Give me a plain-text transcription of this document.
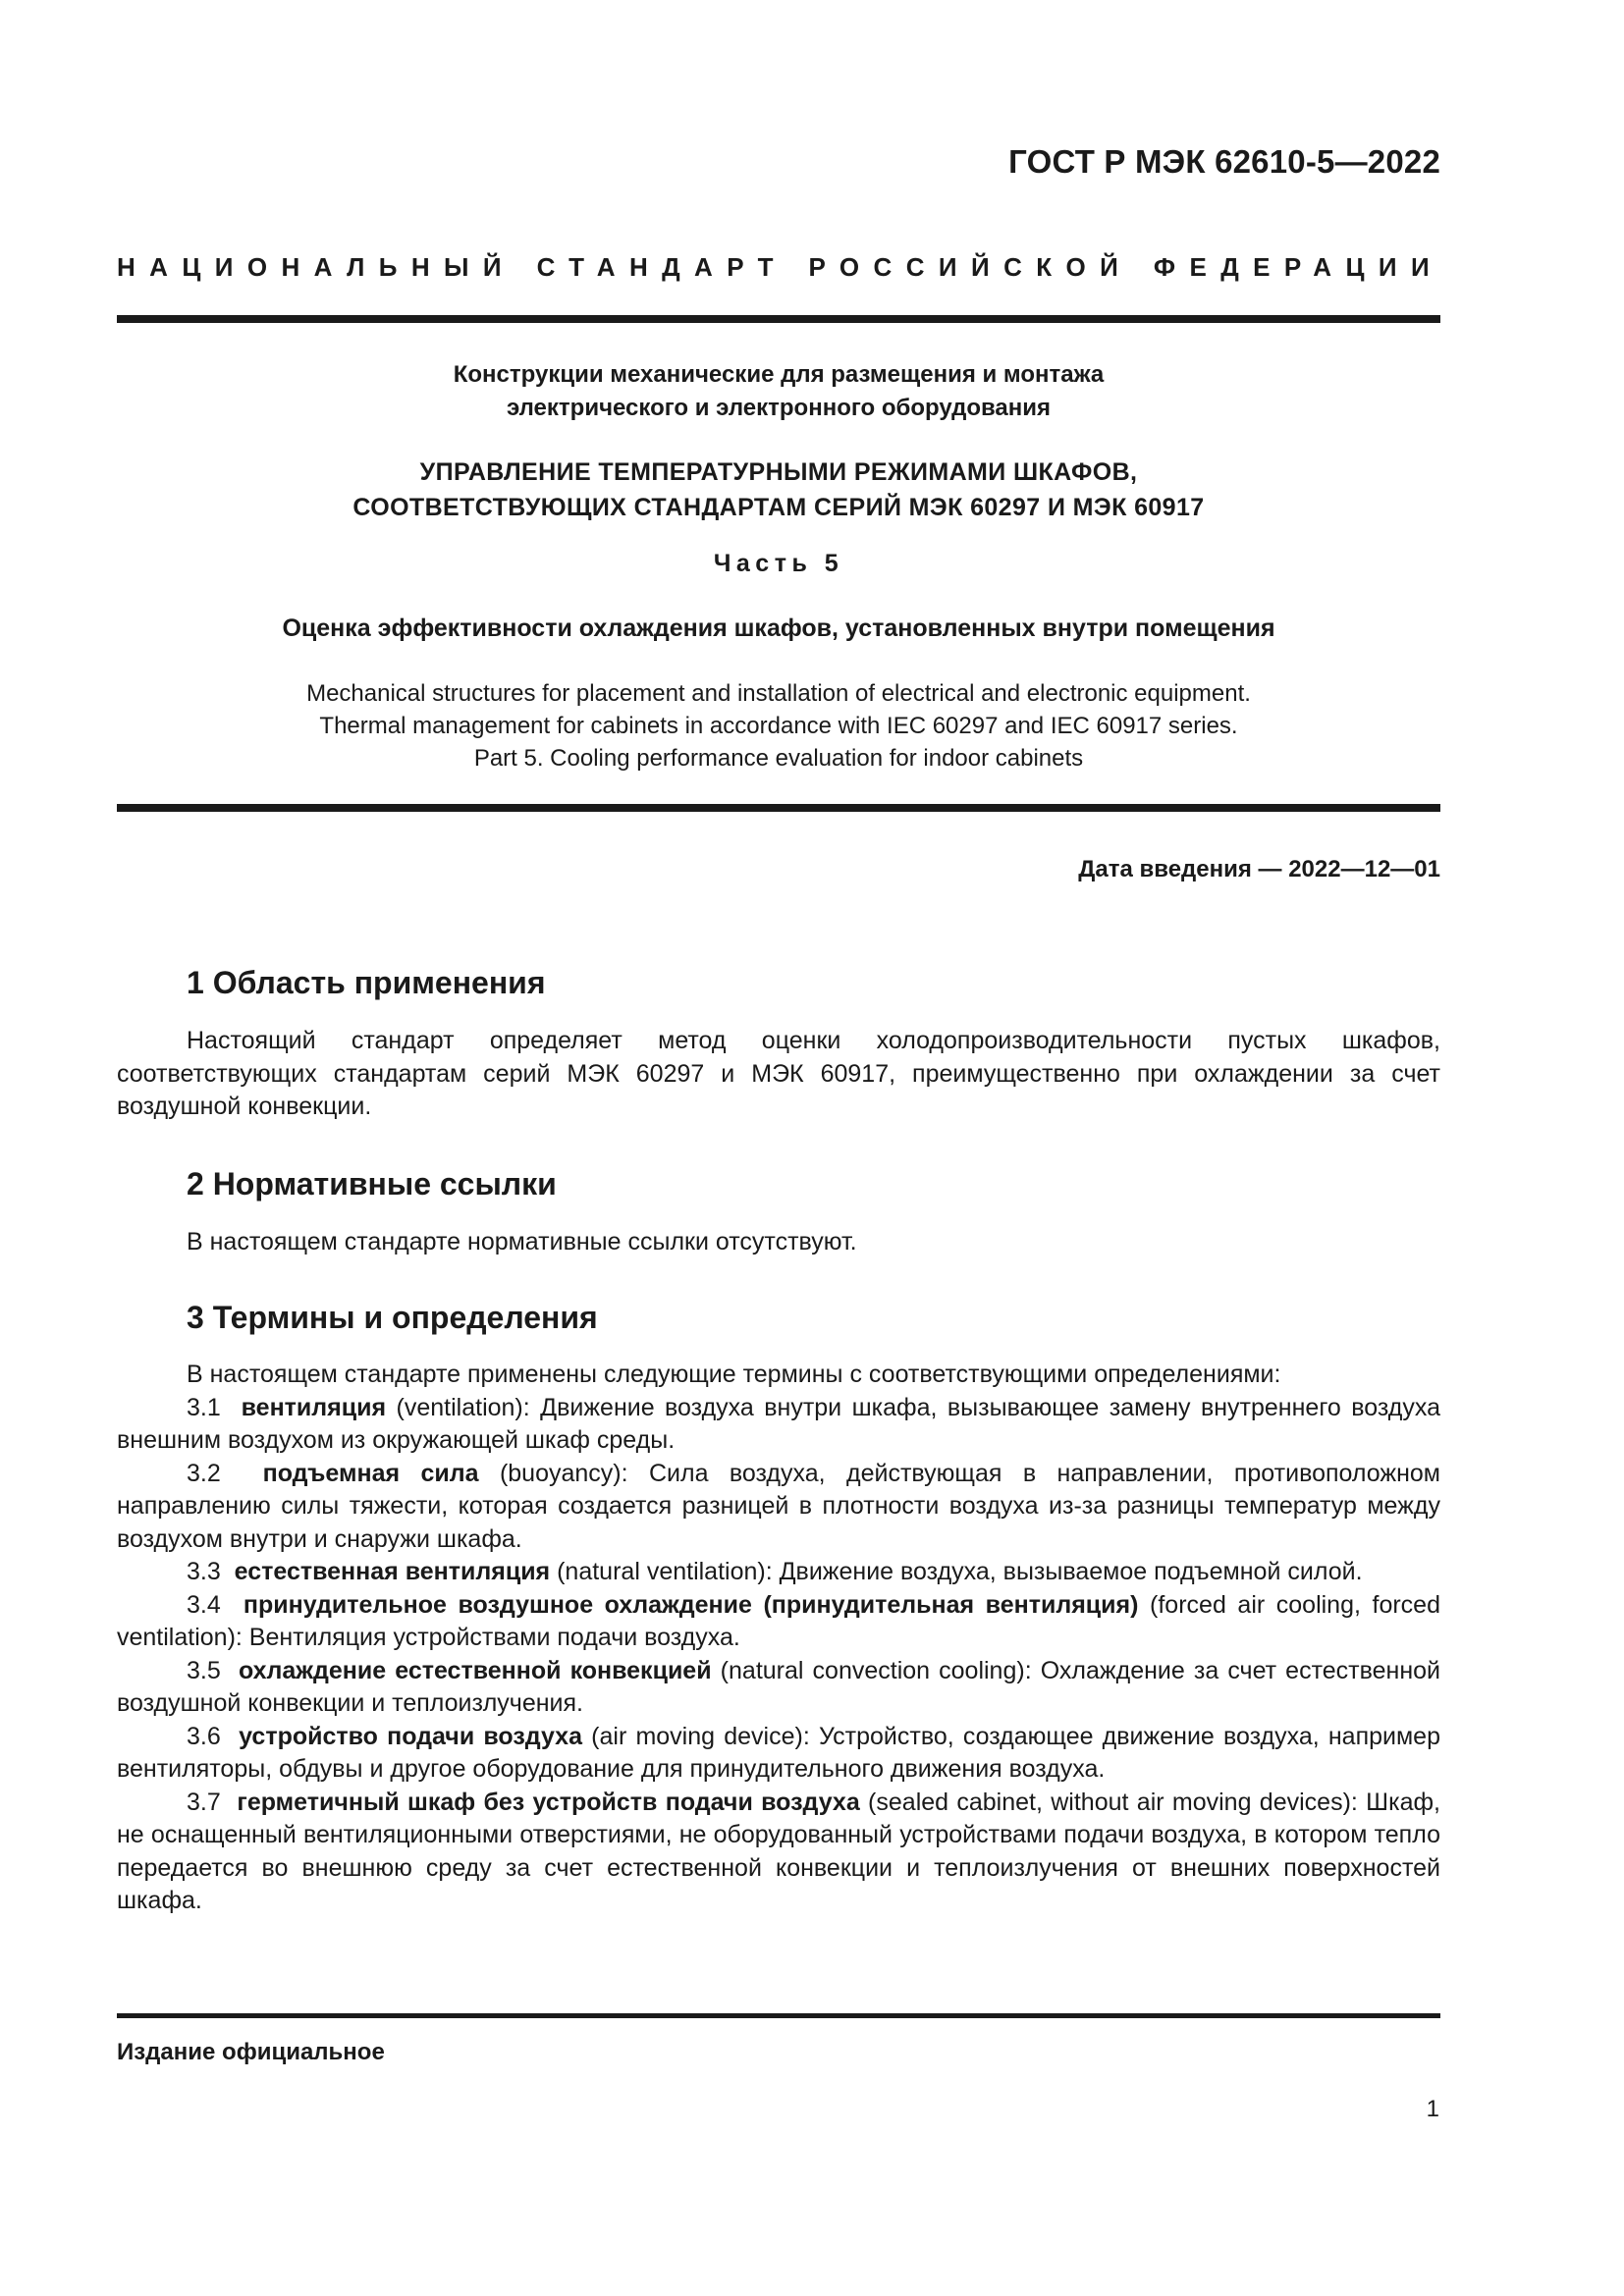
ГОСТ Р МЭК 62610-5—2022
НАЦИОНАЛЬНЫЙ СТАНДАРТ РОССИЙСКОЙ ФЕДЕРАЦИИ
Конструкции механические для размещения и монтажа
электрического и электронного оборудования
УПРАВЛЕНИЕ ТЕМПЕРАТУРНЫМИ РЕЖИМАМИ ШКАФОВ,
СООТВЕТСТВУЮЩИХ СТАНДАРТАМ СЕРИЙ МЭК 60297 И МЭК 60917
Часть 5
Оценка эффективности охлаждения шкафов, установленных внутри помещения
Mechanical structures for placement and installation of electrical and electronic equipment.
Thermal management for cabinets in accordance with IEC 60297 and IEC 60917 series.
Part 5. Cooling performance evaluation for indoor cabinets
Дата введения — 2022—12—01
1 Область применения

Настоящий стандарт определяет метод оценки холодопроизводительности пустых шкафов, соответствующих стандартам серий МЭК 60297 и МЭК 60917, преимущественно при охлаждении за счет воздушной конвекции.

2 Нормативные ссылки
В настоящем стандарте нормативные ссылки отсутствуют.
3 Термины и определения

В настоящем стандарте применены следующие термины с соответствующими определениями:

3.1 вентиляция (ventilation): Движение воздуха внутри шкафа, вызывающее замену внутреннего воздуха внешним воздухом из окружающей шкаф среды.

3.2 подъемная сила (buoyancy): Сила воздуха, действующая в направлении, противоположном направлению силы тяжести, которая создается разницей в плотности воздуха из-за разницы температур между воздухом внутри и снаружи шкафа.

3.3 естественная вентиляция (natural ventilation): Движение воздуха, вызываемое подъемной силой.

3.4 принудительное воздушное охлаждение (принудительная вентиляция) (forced air cooling, forced ventilation): Вентиляция устройствами подачи воздуха.

3.5 охлаждение естественной конвекцией (natural convection cooling): Охлаждение за счет естественной воздушной конвекции и теплоизлучения.

3.6 устройство подачи воздуха (air moving device): Устройство, создающее движение воздуха, например вентиляторы, обдувы и другое оборудование для принудительного движения воздуха.

3.7 герметичный шкаф без устройств подачи воздуха (sealed cabinet, without air moving devices): Шкаф, не оснащенный вентиляционными отверстиями, не оборудованный устройствами подачи воздуха, в котором тепло передается во внешнюю среду за счет естественной конвекции и теплоизлучения от внешних поверхностей шкафа.

Издание официальное
1
